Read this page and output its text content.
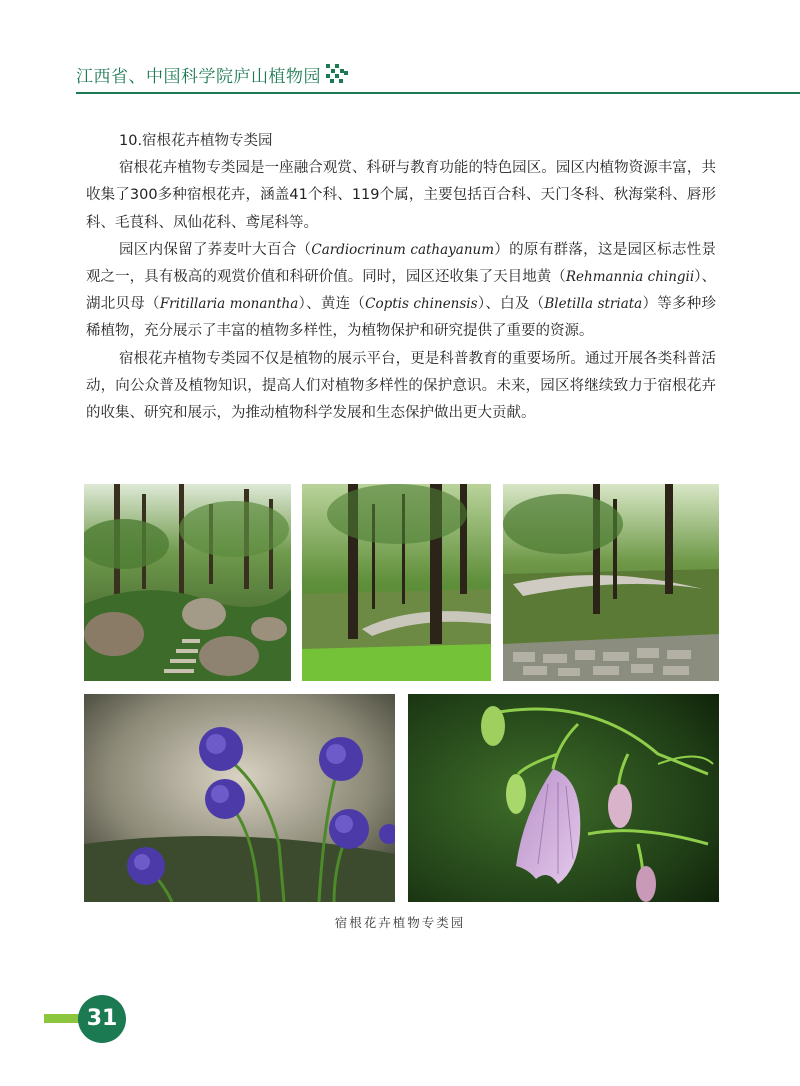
江西省、中国科学院庐山植物园

10.宿根花卉植物专类园

宿根花卉植物专类园是一座融合观赏、科研与教育功能的特色园区。园区内植物资源丰富，共收集了300多种宿根花卉，涵盖41个科、119个属，主要包括百合科、天门冬科、秋海棠科、唇形科、毛茛科、凤仙花科、鸢尾科等。

园区内保留了荞麦叶大百合（Cardiocrinum cathayanum）的原有群落，这是园区标志性景观之一，具有极高的观赏价值和科研价值。同时，园区还收集了天目地黄（Rehmannia chingii）、湖北贝母（Fritillaria monantha）、黄连（Coptis chinensis）、白及（Bletilla striata）等多种珍稀植物，充分展示了丰富的植物多样性，为植物保护和研究提供了重要的资源。

宿根花卉植物专类园不仅是植物的展示平台，更是科普教育的重要场所。通过开展各类科普活动，向公众普及植物知识，提高人们对植物多样性的保护意识。未来，园区将继续致力于宿根花卉的收集、研究和展示，为推动植物科学发展和生态保护做出更大贡献。

宿根花卉植物专类园
31
